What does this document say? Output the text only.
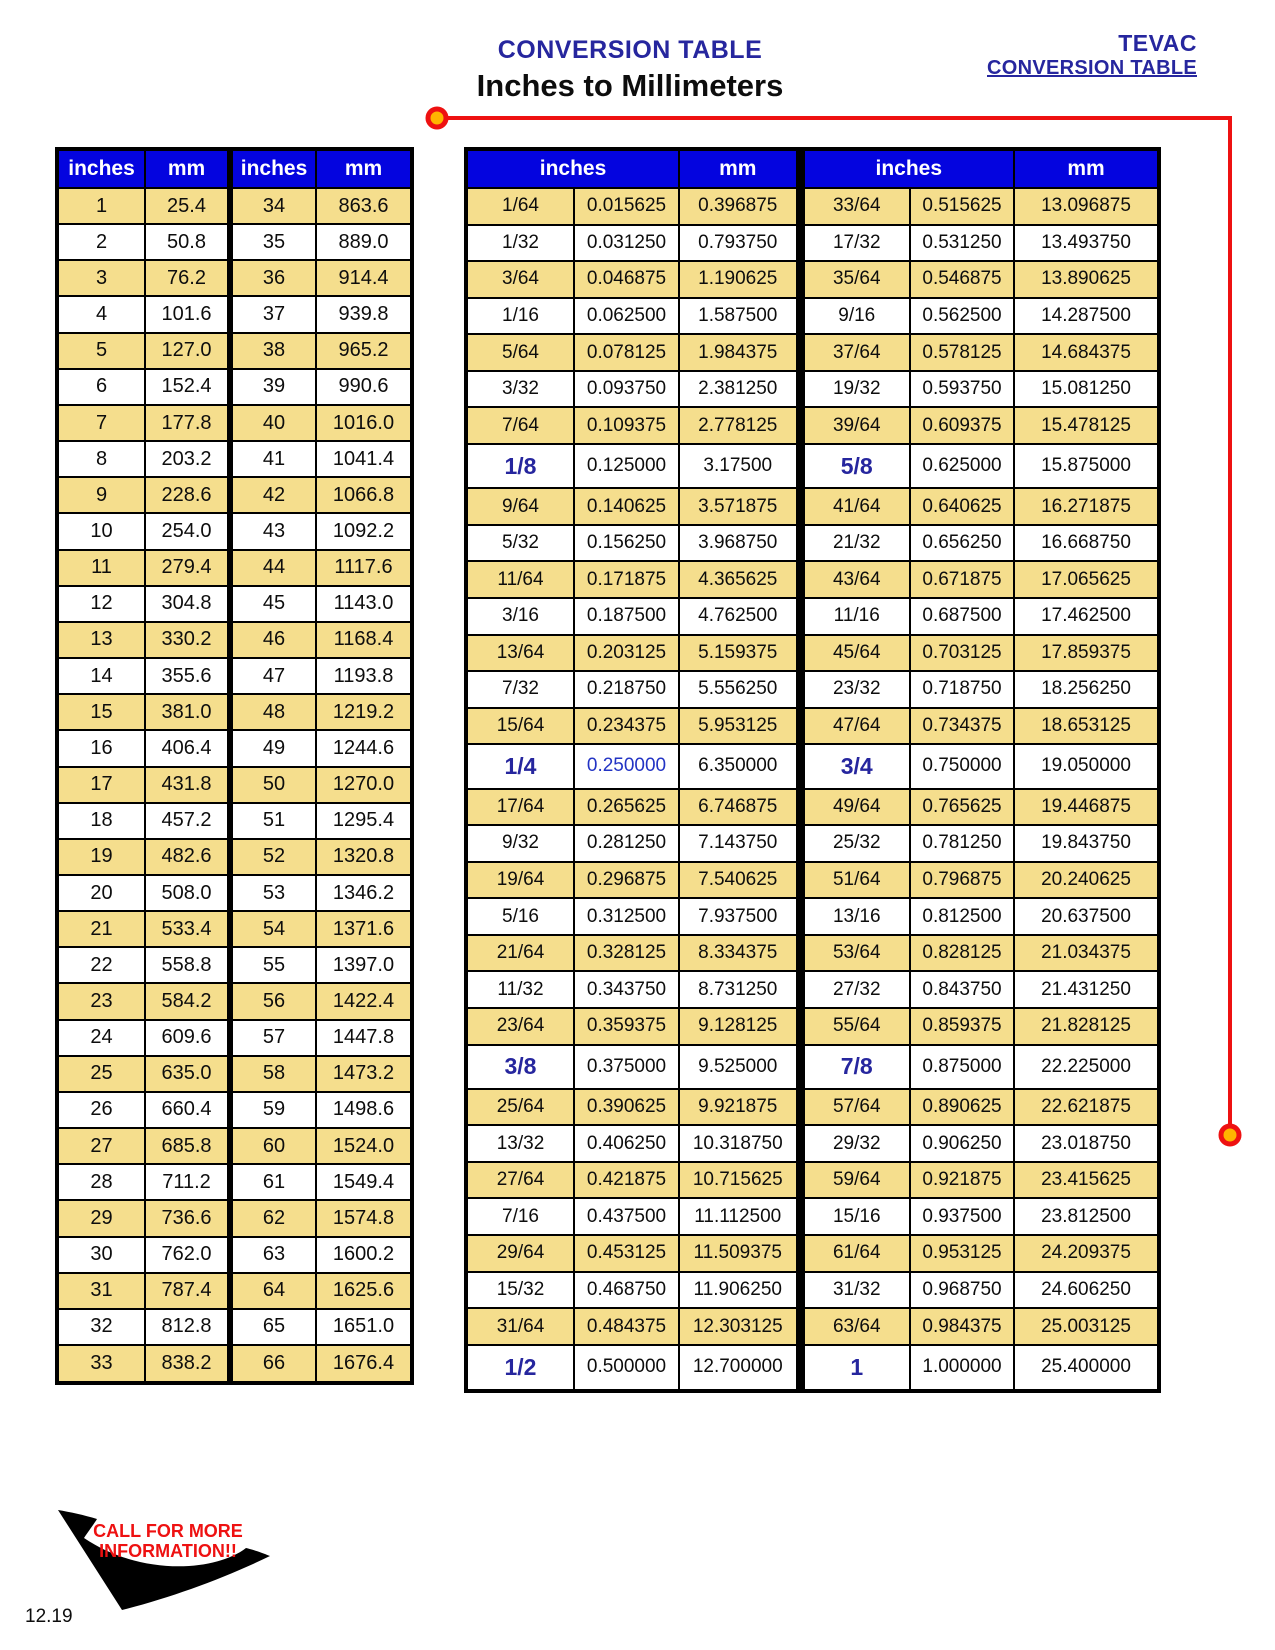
CONVERSION TABLE
Inches to Millimeters
TEVAC
CONVERSION TABLE
inches	mm	inches	mm
1	25.4	34	863.6
2	50.8	35	889.0
3	76.2	36	914.4
4	101.6	37	939.8
5	127.0	38	965.2
6	152.4	39	990.6
7	177.8	40	1016.0
8	203.2	41	1041.4
9	228.6	42	1066.8
10	254.0	43	1092.2
11	279.4	44	1117.6
12	304.8	45	1143.0
13	330.2	46	1168.4
14	355.6	47	1193.8
15	381.0	48	1219.2
16	406.4	49	1244.6
17	431.8	50	1270.0
18	457.2	51	1295.4
19	482.6	52	1320.8
20	508.0	53	1346.2
21	533.4	54	1371.6
22	558.8	55	1397.0
23	584.2	56	1422.4
24	609.6	57	1447.8
25	635.0	58	1473.2
26	660.4	59	1498.6
27	685.8	60	1524.0
28	711.2	61	1549.4
29	736.6	62	1574.8
30	762.0	63	1600.2
31	787.4	64	1625.6
32	812.8	65	1651.0
33	838.2	66	1676.4
inches		mm	inches		mm
1/64	0.015625	0.396875	33/64	0.515625	13.096875
1/32	0.031250	0.793750	17/32	0.531250	13.493750
3/64	0.046875	1.190625	35/64	0.546875	13.890625
1/16	0.062500	1.587500	9/16	0.562500	14.287500
5/64	0.078125	1.984375	37/64	0.578125	14.684375
3/32	0.093750	2.381250	19/32	0.593750	15.081250
7/64	0.109375	2.778125	39/64	0.609375	15.478125
1/8	0.125000	3.17500	5/8	0.625000	15.875000
9/64	0.140625	3.571875	41/64	0.640625	16.271875
5/32	0.156250	3.968750	21/32	0.656250	16.668750
11/64	0.171875	4.365625	43/64	0.671875	17.065625
3/16	0.187500	4.762500	11/16	0.687500	17.462500
13/64	0.203125	5.159375	45/64	0.703125	17.859375
7/32	0.218750	5.556250	23/32	0.718750	18.256250
15/64	0.234375	5.953125	47/64	0.734375	18.653125
1/4	0.250000	6.350000	3/4	0.750000	19.050000
17/64	0.265625	6.746875	49/64	0.765625	19.446875
9/32	0.281250	7.143750	25/32	0.781250	19.843750
19/64	0.296875	7.540625	51/64	0.796875	20.240625
5/16	0.312500	7.937500	13/16	0.812500	20.637500
21/64	0.328125	8.334375	53/64	0.828125	21.034375
11/32	0.343750	8.731250	27/32	0.843750	21.431250
23/64	0.359375	9.128125	55/64	0.859375	21.828125
3/8	0.375000	9.525000	7/8	0.875000	22.225000
25/64	0.390625	9.921875	57/64	0.890625	22.621875
13/32	0.406250	10.318750	29/32	0.906250	23.018750
27/64	0.421875	10.715625	59/64	0.921875	23.415625
7/16	0.437500	11.112500	15/16	0.937500	23.812500
29/64	0.453125	11.509375	61/64	0.953125	24.209375
15/32	0.468750	11.906250	31/32	0.968750	24.606250
31/64	0.484375	12.303125	63/64	0.984375	25.003125
1/2	0.500000	12.700000	1	1.000000	25.400000
CALL FOR MORE
INFORMATION!!
12.19
